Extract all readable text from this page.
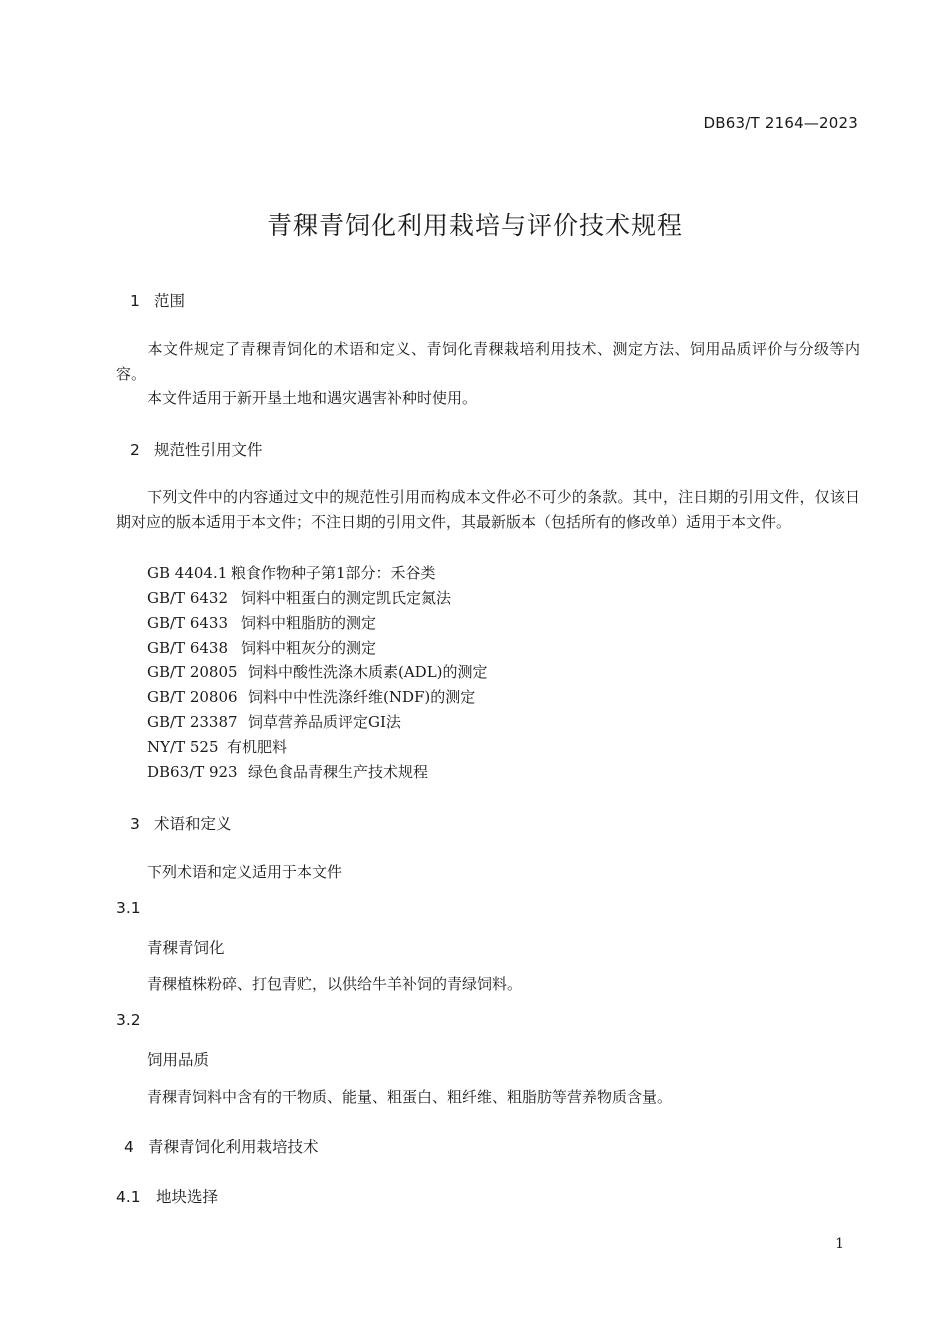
DB63/T 2164—2023
青稞青饲化利用栽培与评价技术规程
1 范围
本文件规定了青稞青饲化的术语和定义、青饲化青稞栽培利用技术、测定方法、饲用品质评价与分级等内容。
本文件适用于新开垦土地和遇灾遇害补种时使用。
2 规范性引用文件
下列文件中的内容通过文中的规范性引用而构成本文件必不可少的条款。其中，注日期的引用文件，仅该日期对应的版本适用于本文件；不注日期的引用文件，其最新版本（包括所有的修改单）适用于本文件。
GB 4404.1 粮食作物种子第1部分：禾谷类
GB/T 6432 饲料中粗蛋白的测定凯氏定氮法
GB/T 6433 饲料中粗脂肪的测定
GB/T 6438 饲料中粗灰分的测定
GB/T 20805 饲料中酸性洗涤木质素(ADL)的测定
GB/T 20806 饲料中中性洗涤纤维(NDF)的测定
GB/T 23387 饲草营养品质评定GI法
NY/T 525 有机肥料
DB63/T 923 绿色食品青稞生产技术规程
3 术语和定义
下列术语和定义适用于本文件
3.1
青稞青饲化
青稞植株粉碎、打包青贮，以供给牛羊补饲的青绿饲料。
3.2
饲用品质
青稞青饲料中含有的干物质、能量、粗蛋白、粗纤维、粗脂肪等营养物质含量。
4 青稞青饲化利用栽培技术
4.1 地块选择
1
